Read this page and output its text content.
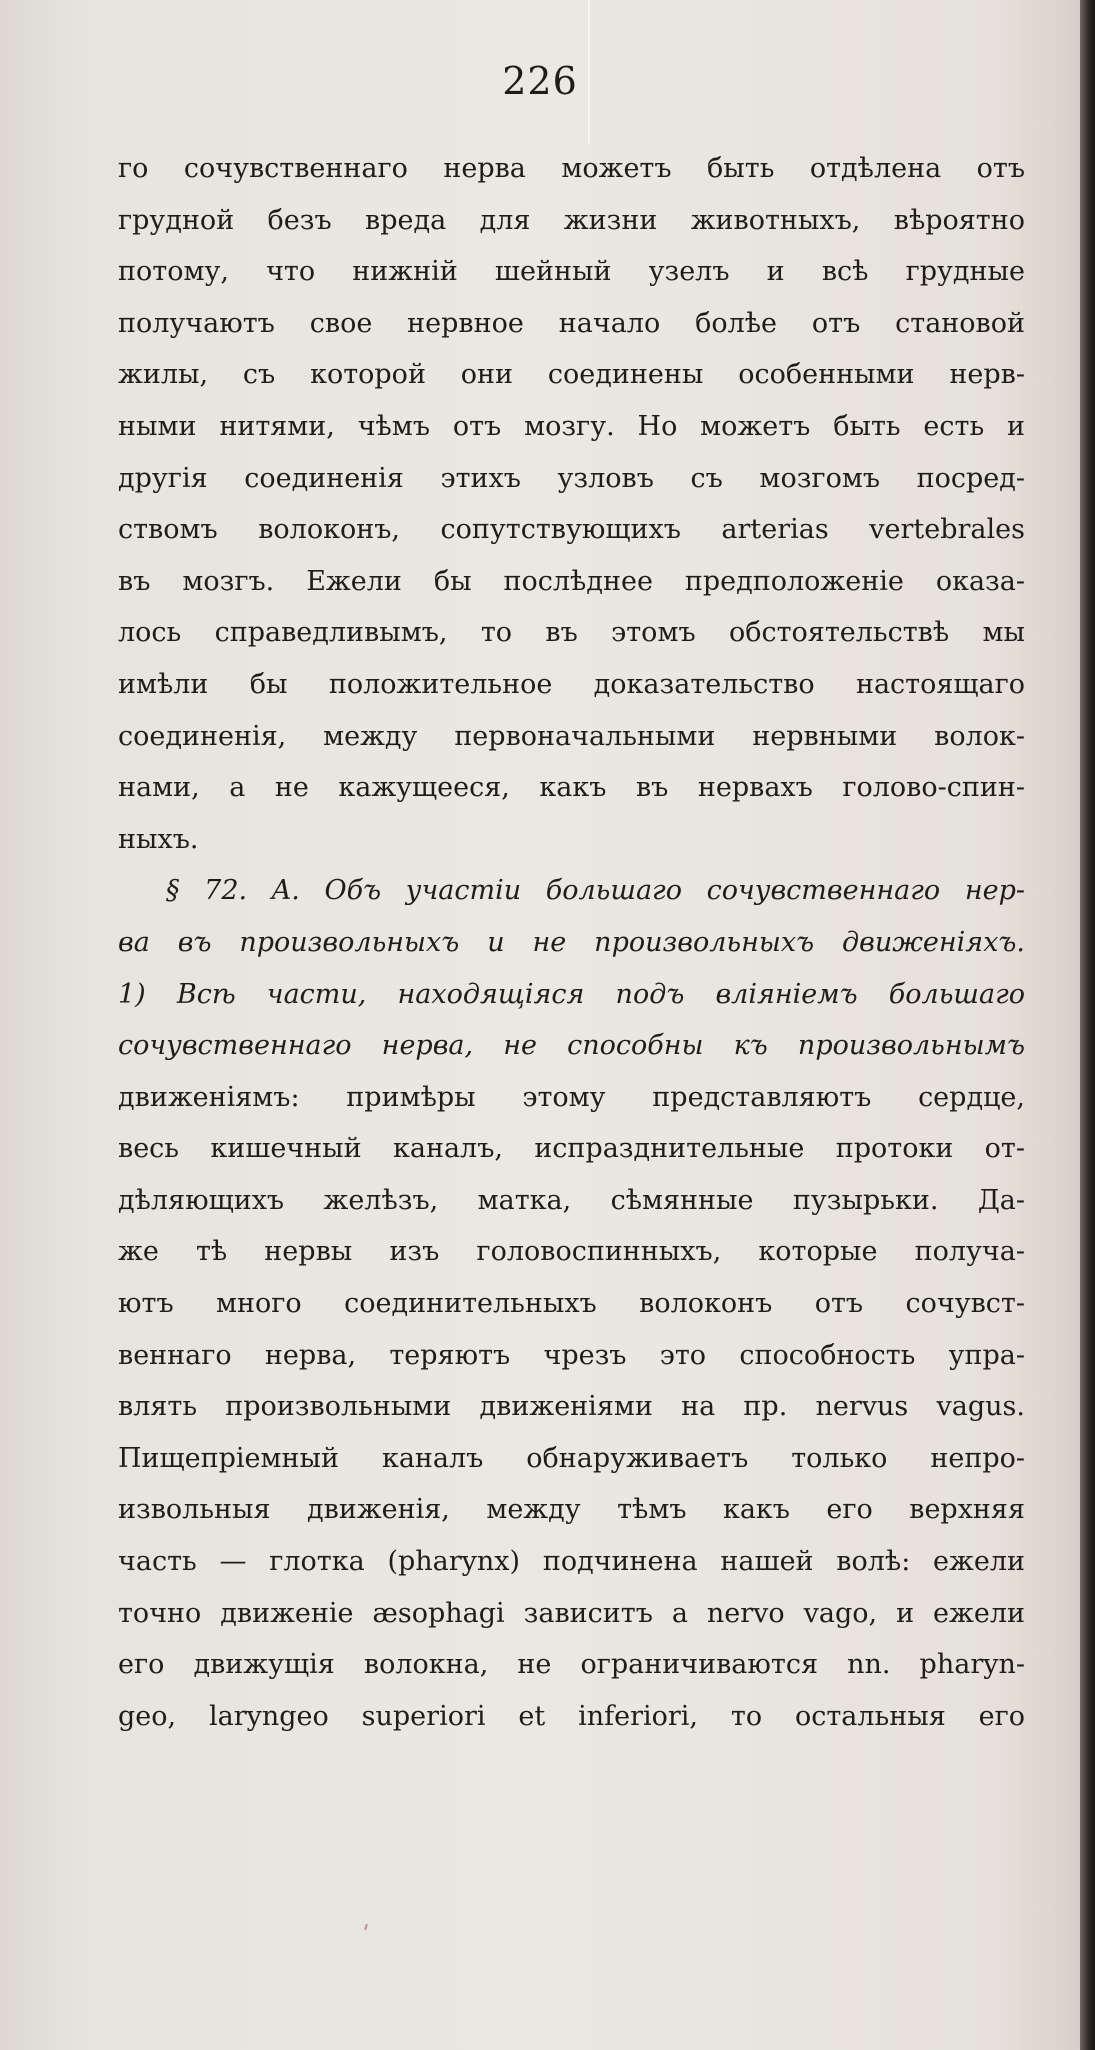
226
го сочувственнаго нерва можетъ быть отдѣлена отъ
грудной безъ вреда для жизни животныхъ, вѣроятно
потому, что нижній шейный узелъ и всѣ грудные
получаютъ свое нервное начало болѣе отъ становой
жилы, съ которой они соединены особенными нерв-
ными нитями, чѣмъ отъ мозгу. Но можетъ быть есть и
другія соединенія этихъ узловъ съ мозгомъ посред-
ствомъ волоконъ, сопутствующихъ arterias vertebrales
въ мозгъ. Ежели бы послѣднее предположеніе оказа-
лось справедливымъ, то въ этомъ обстоятельствѣ мы
имѣли бы положительное доказательство настоящаго
соединенія, между первоначальными нервными волок-
нами, а не кажущееся, какъ въ нервахъ голово-спин-
ныхъ.
§ 72. A. Объ участіи большаго сочувственнаго нер-
ва въ произвольныхъ и не произвольныхъ движеніяхъ.
1) Всѣ части, находящіяся подъ вліяніемъ большаго
сочувственнаго нерва, не способны къ произвольнымъ
движеніямъ: примѣры этому представляютъ сердце,
весь кишечный каналъ, испразднительные протоки от-
дѣляющихъ желѣзъ, матка, сѣмянные пузырьки. Да-
же тѣ нервы изъ головоспинныхъ, которые получа-
ютъ много соединительныхъ волоконъ отъ сочувст-
веннаго нерва, теряютъ чрезъ это способность упра-
влять произвольными движеніями на пр. nervus vagus.
Пищепріемный каналъ обнаруживаетъ только непро-
извольныя движенія, между тѣмъ какъ его верхняя
часть — глотка (pharynx) подчинена нашей волѣ: ежели
точно движеніе æsophagi зависитъ a nervo vago, и ежели
его движущія волокна, не ограничиваются nn. pharyn-
geo, laryngeo superiori et inferiori, то остальныя его
